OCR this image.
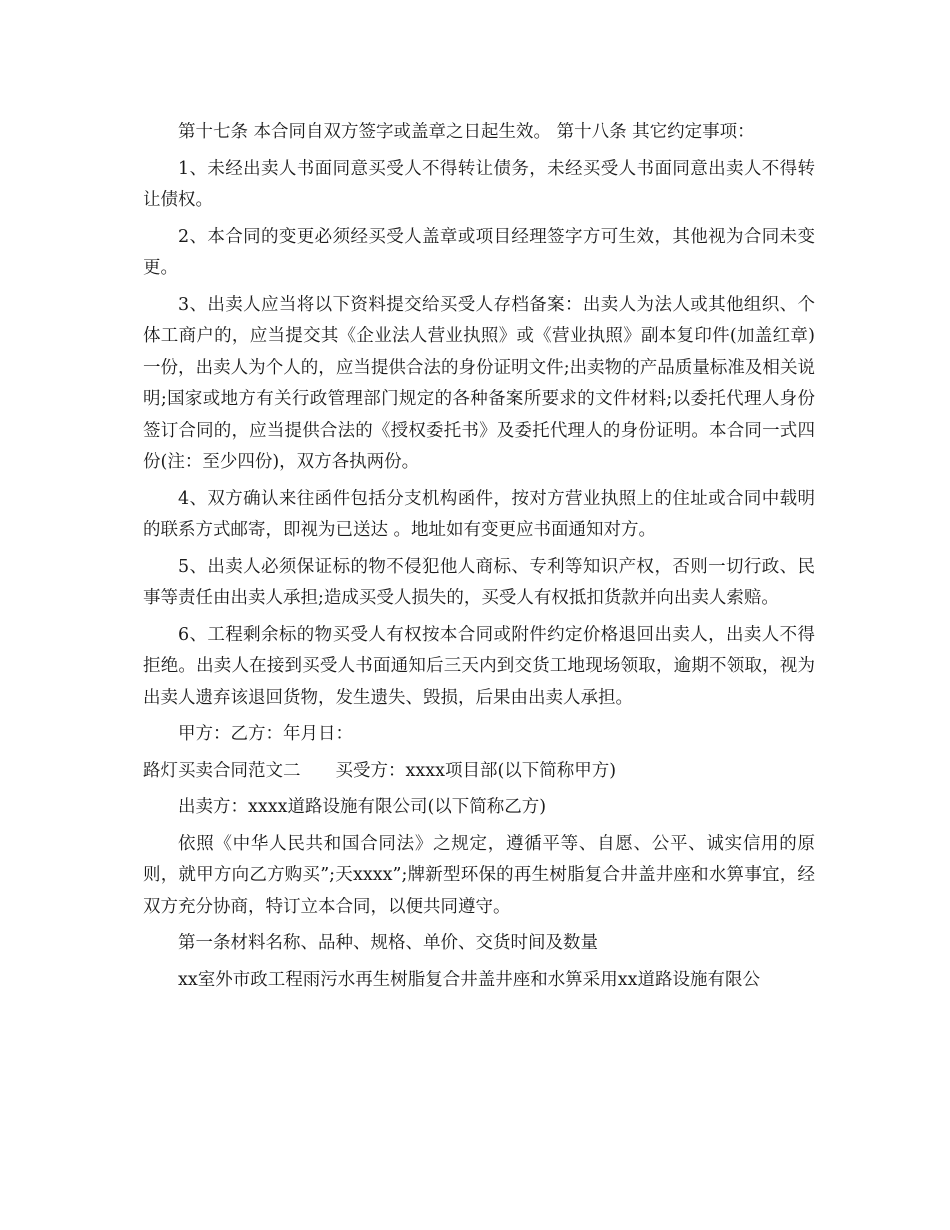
第十七条 本合同自双方签字或盖章之日起生效。 第十八条 其它约定事项：

1、未经出卖人书面同意买受人不得转让债务，未经买受人书面同意出卖人不得转让债权。

2、本合同的变更必须经买受人盖章或项目经理签字方可生效，其他视为合同未变更。

3、出卖人应当将以下资料提交给买受人存档备案：出卖人为法人或其他组织、个体工商户的，应当提交其《企业法人营业执照》或《营业执照》副本复印件(加盖红章)一份，出卖人为个人的，应当提供合法的身份证明文件;出卖物的产品质量标准及相关说明;国家或地方有关行政管理部门规定的各种备案所要求的文件材料;以委托代理人身份签订合同的，应当提供合法的《授权委托书》及委托代理人的身份证明。本合同一式四份(注：至少四份)，双方各执两份。

4、双方确认来往函件包括分支机构函件，按对方营业执照上的住址或合同中载明的联系方式邮寄，即视为已送达 。地址如有变更应书面通知对方。

5、出卖人必须保证标的物不侵犯他人商标、专利等知识产权，否则一切行政、民事等责任由出卖人承担;造成买受人损失的，买受人有权抵扣货款并向出卖人索赔。

6、工程剩余标的物买受人有权按本合同或附件约定价格退回出卖人，出卖人不得拒绝。出卖人在接到买受人书面通知后三天内到交货工地现场领取，逾期不领取，视为出卖人遗弃该退回货物，发生遗失、毁损，后果由出卖人承担。

甲方：乙方：年月日：

路灯买卖合同范文二　　买受方：xxxx项目部(以下简称甲方)

出卖方：xxxx道路设施有限公司(以下简称乙方)

依照《中华人民共和国合同法》之规定，遵循平等、自愿、公平、诚实信用的原则，就甲方向乙方购买”;天xxxx”;牌新型环保的再生树脂复合井盖井座和水箅事宜，经双方充分协商，特订立本合同，以便共同遵守。

第一条材料名称、品种、规格、单价、交货时间及数量

xx室外市政工程雨污水再生树脂复合井盖井座和水箅采用xx道路设施有限公
